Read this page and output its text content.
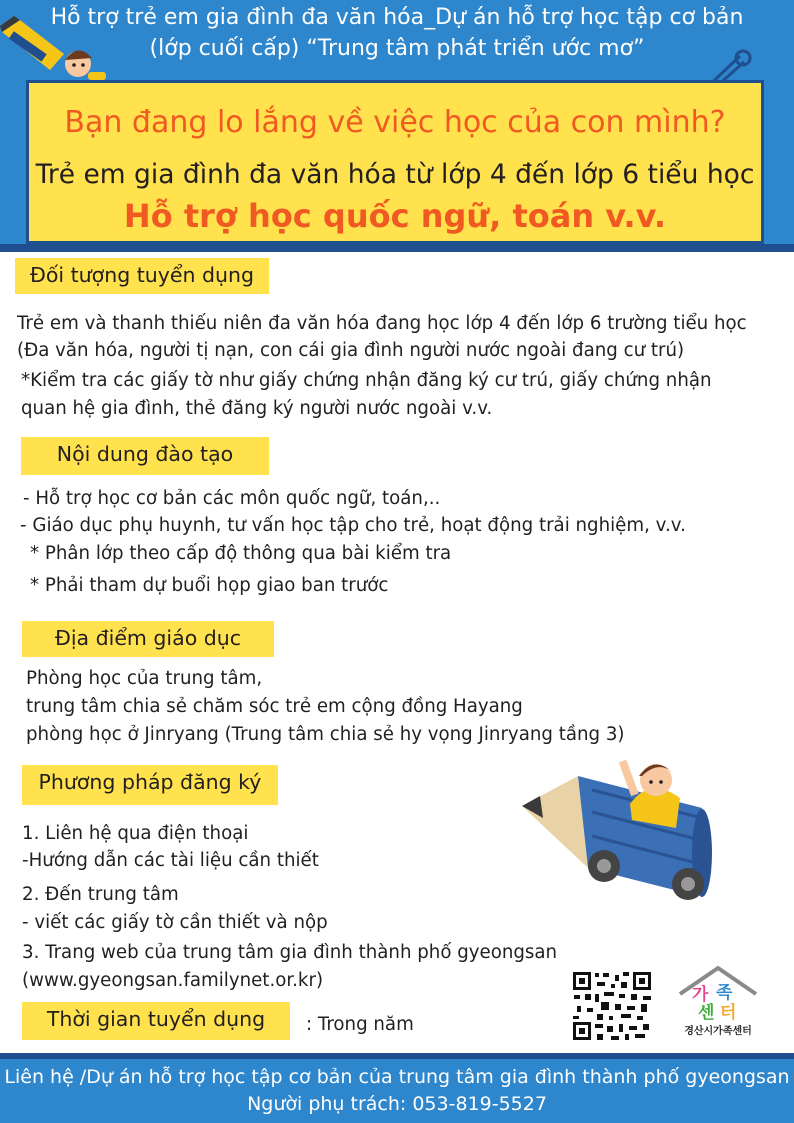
Hỗ trợ trẻ em gia đình đa văn hóa_Dự án hỗ trợ học tập cơ bản
(lớp cuối cấp) “Trung tâm phát triển ước mơ”
Bạn đang lo lắng về việc học của con mình?
Trẻ em gia đình đa văn hóa từ lớp 4 đến lớp 6 tiểu học
Hỗ trợ học quốc ngữ, toán v.v.
Đối tượng tuyển dụng
Trẻ em và thanh thiếu niên đa văn hóa đang học lớp 4 đến lớp 6 trường tiểu học
(Đa văn hóa, người tị nạn, con cái gia đình người nước ngoài đang cư trú)
*Kiểm tra các giấy tờ như giấy chứng nhận đăng ký cư trú, giấy chứng nhận
quan hệ gia đình, thẻ đăng ký người nước ngoài v.v.
Nội dung đào tạo
- Hỗ trợ học cơ bản các môn quốc ngữ, toán,..
- Giáo dục phụ huynh, tư vấn học tập cho trẻ, hoạt động trải nghiệm, v.v.
* Phân lớp theo cấp độ thông qua bài kiểm tra
* Phải tham dự buổi họp giao ban trước
Địa điểm giáo dục
Phòng học của trung tâm,
trung tâm chia sẻ chăm sóc trẻ em cộng đồng Hayang
phòng học ở Jinryang (Trung tâm chia sẻ hy vọng Jinryang tầng 3)
Phương pháp đăng ký
1. Liên hệ qua điện thoại
-Hướng dẫn các tài liệu cần thiết
2. Đến trung tâm
- viết các giấy tờ cần thiết và nộp
3. Trang web của trung tâm gia đình thành phố gyeongsan
(www.gyeongsan.familynet.or.kr)
Thời gian tuyển dụng	: Trong năm
가 족
센 터
경산시가족센터
Liên hệ /Dự án hỗ trợ học tập cơ bản của trung tâm gia đình thành phố gyeongsan
Người phụ trách: 053-819-5527
